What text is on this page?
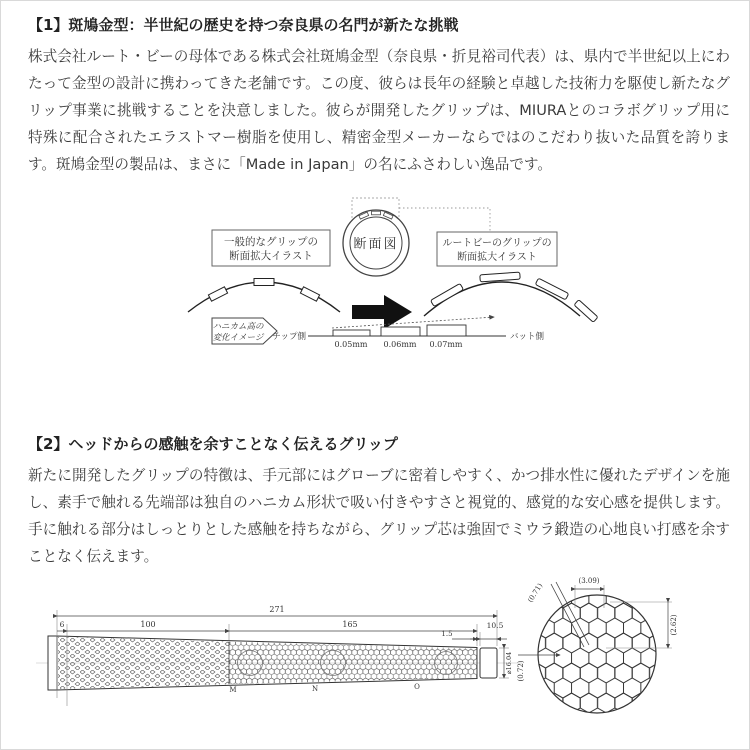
【1】斑鳩金型：半世紀の歴史を持つ奈良県の名門が新たな挑戦

株式会社ルート・ビーの母体である株式会社斑鳩金型（奈良県・折見裕司代表）は、県内で半世紀以上にわたって金型の設計に携わってきた老舗です。この度、彼らは長年の経験と卓越した技術力を駆使し新たなグリップ事業に挑戦することを決意しました。彼らが開発したグリップは、MIURAとのコラボグリップ用に特殊に配合されたエラストマー樹脂を使用し、精密金型メーカーならではのこだわり抜いた品質を誇ります。斑鳩金型の製品は、まさに「Made in Japan」の名にふさわしい逸品です。

断面図
一般的なグリップの
断面拡大イラスト
ルートビーのグリップの
断面拡大イラスト
ハニカム高の
変化イメージ チップ側
0.05mm 0.06mm 0.07mm
バット側
【2】ヘッドからの感触を余すことなく伝えるグリップ

新たに開発したグリップの特徴は、手元部にはグローブに密着しやすく、かつ排水性に優れたデザインを施し、素手で触れる先端部は独自のハニカム形状で吸い付きやすさと視覚的、感覚的な安心感を提供します。手に触れる部分はしっとりとした感触を持ちながら、グリップ芯は強固でミウラ鍛造の心地良い打感を余すことなく伝えます。

271
6	100	165
1.5
10.5
⌀16.04
M	N	O
(3.09)
(2.62)
(0.71)
(0.72)
